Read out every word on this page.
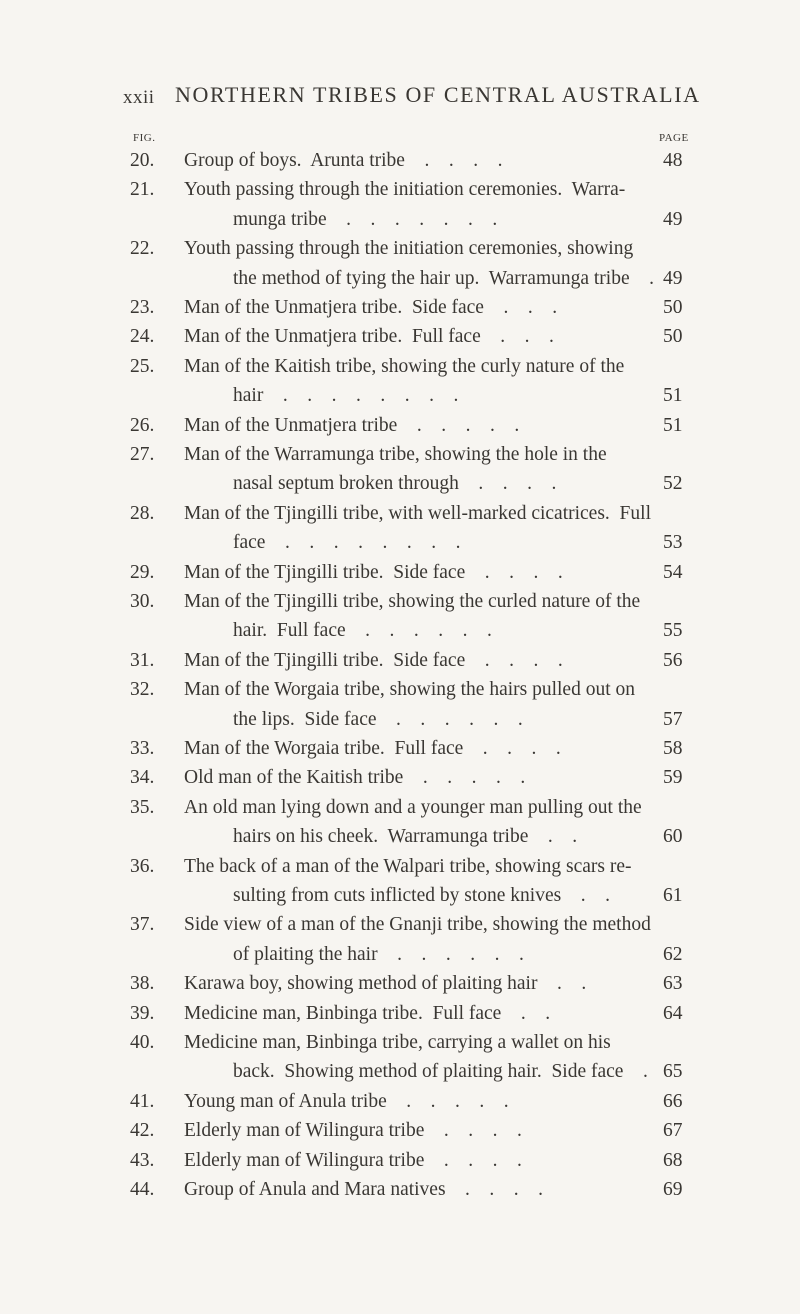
xxii NORTHERN TRIBES OF CENTRAL AUSTRALIA
FIG.	PAGE
20. Group of boys.  Arunta tribe    .    .    .    .	48
21. Youth passing through the initiation ceremonies.  Warra-
munga tribe    .    .    .    .    .    .    .	49
22. Youth passing through the initiation ceremonies, showing
the method of tying the hair up.  Warramunga tribe    . 49
23. Man of the Unmatjera tribe.  Side face    .    .    .	50
24. Man of the Unmatjera tribe.  Full face    .    .    .	50
25. Man of the Kaitish tribe, showing the curly nature of the
hair    .    .    .    .    .    .    .    .	51
26. Man of the Unmatjera tribe    .    .    .    .    .	51
27. Man of the Warramunga tribe, showing the hole in the
nasal septum broken through    .    .    .    .	52
28. Man of the Tjingilli tribe, with well-marked cicatrices.  Full
face    .    .    .    .    .    .    .    .	53
29. Man of the Tjingilli tribe.  Side face    .    .    .    .	54
30. Man of the Tjingilli tribe, showing the curled nature of the
hair.  Full face    .    .    .    .    .    .	55
31. Man of the Tjingilli tribe.  Side face    .    .    .    .	56
32. Man of the Worgaia tribe, showing the hairs pulled out on
the lips.  Side face    .    .    .    .    .    .	57
33. Man of the Worgaia tribe.  Full face    .    .    .    .	58
34. Old man of the Kaitish tribe    .    .    .    .    .	59
35. An old man lying down and a younger man pulling out the
hairs on his cheek.  Warramunga tribe    .    .	60
36. The back of a man of the Walpari tribe, showing scars re-
sulting from cuts inflicted by stone knives    .    .	61
37. Side view of a man of the Gnanji tribe, showing the method
of plaiting the hair    .    .    .    .    .    .	62
38. Karawa boy, showing method of plaiting hair    .    .	63
39. Medicine man, Binbinga tribe.  Full face    .    .	64
40. Medicine man, Binbinga tribe, carrying a wallet on his
back.  Showing method of plaiting hair.  Side face    . 65
41. Young man of Anula tribe    .    .    .    .    .	66
42. Elderly man of Wilingura tribe    .    .    .    .	67
43. Elderly man of Wilingura tribe    .    .    .    .	68
44. Group of Anula and Mara natives    .    .    .    .	69
